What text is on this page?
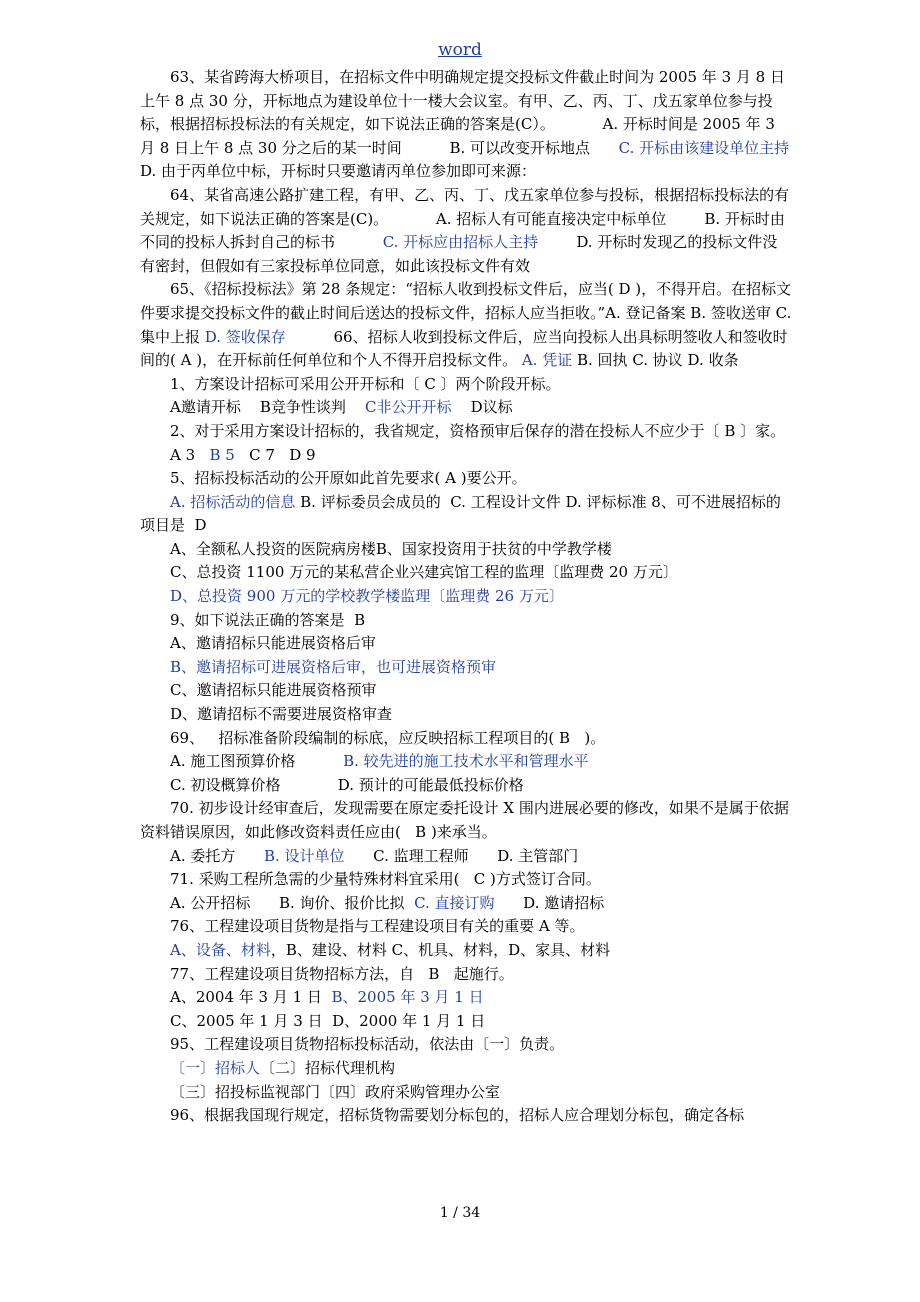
word

63、某省跨海大桥项目，在招标文件中明确规定提交投标文件截止时间为 2005 年 3 月 8 日上午 8 点 30 分，开标地点为建设单位十一楼大会议室。有甲、乙、丙、丁、戊五家单位参与投标，根据招标投标法的有关规定，如下说法正确的答案是(C）。          A. 开标时间是 2005 年 3 月 8 日上午 8 点 30 分之后的某一时间          B. 可以改变开标地点      C. 开标由该建设单位主持          D. 由于丙单位中标，开标时只要邀请丙单位参加即可来源：

64、某省高速公路扩建工程，有甲、乙、丙、丁、戊五家单位参与投标，根据招标投标法的有关规定，如下说法正确的答案是(C)。          A. 招标人有可能直接决定中标单位        B. 开标时由不同的投标人拆封自己的标书          C. 开标应由招标人主持        D. 开标时发现乙的投标文件没有密封，但假如有三家投标单位同意，如此该投标文件有效

65、《招标投标法》第 28 条规定：“招标人收到投标文件后，应当( D )，不得开启。在招标文件要求提交投标文件的截止时间后送达的投标文件，招标人应当拒收。”A. 登记备案 B. 签收送审 C. 集中上报 D. 签收保存          66、招标人收到投标文件后，应当向投标人出具标明签收人和签收时间的( A )，在开标前任何单位和个人不得开启投标文件。 A. 凭证 B. 回执 C. 协议 D. 收条

1、方案设计招标可采用公开开标和〔 C 〕两个阶段开标。

A邀请开标    B竞争性谈判    C非公开开标    D议标

2、对于采用方案设计招标的，我省规定，资格预审后保存的潜在投标人不应少于〔 B 〕家。

A 3   B 5   C 7   D 9

5、招标投标活动的公开原如此首先要求( A )要公开。

A. 招标活动的信息 B. 评标委员会成员的  C. 工程设计文件 D. 评标标准 8、可不进展招标的项目是  D

A、全额私人投资的医院病房楼B、国家投资用于扶贫的中学教学楼

C、总投资 1100 万元的某私营企业兴建宾馆工程的监理〔监理费 20 万元〕

D、总投资 900 万元的学校教学楼监理〔监理费 26 万元〕

9、如下说法正确的答案是  B

A、邀请招标只能进展资格后审

B、邀请招标可进展资格后审，也可进展资格预审

C、邀请招标只能进展资格预审

D、邀请招标不需要进展资格审查

69、   招标准备阶段编制的标底，应反映招标工程项目的( B   )。

A. 施工图预算价格          B. 较先进的施工技术水平和管理水平

C. 初设概算价格            D. 预计的可能最低投标价格

70. 初步设计经审查后，发现需要在原定委托设计 X 围内进展必要的修改，如果不是属于依据资料错误原因，如此修改资料责任应由(   B )来承当。

A. 委托方      B. 设计单位      C. 监理工程师      D. 主管部门

71. 采购工程所急需的少量特殊材料宜采用(   C )方式签订合同。

A. 公开招标      B. 询价、报价比拟  C. 直接订购      D. 邀请招标

76、工程建设项目货物是指与工程建设项目有关的重要 A 等。

A、设备、材料，B、建设、材料 C、机具、材料，D、家具、材料

77、工程建设项目货物招标方法，自   B   起施行。

A、2004 年 3 月 1 日  B、2005 年 3 月 1 日

C、2005 年 1 月 3 日  D、2000 年 1 月 1 日

95、工程建设项目货物招标投标活动，依法由〔一〕负责。

〔一〕招标人〔二〕招标代理机构

〔三〕招投标监视部门〔四〕政府采购管理办公室

96、根据我国现行规定，招标货物需要划分标包的，招标人应合理划分标包，确定各标

1 / 34
